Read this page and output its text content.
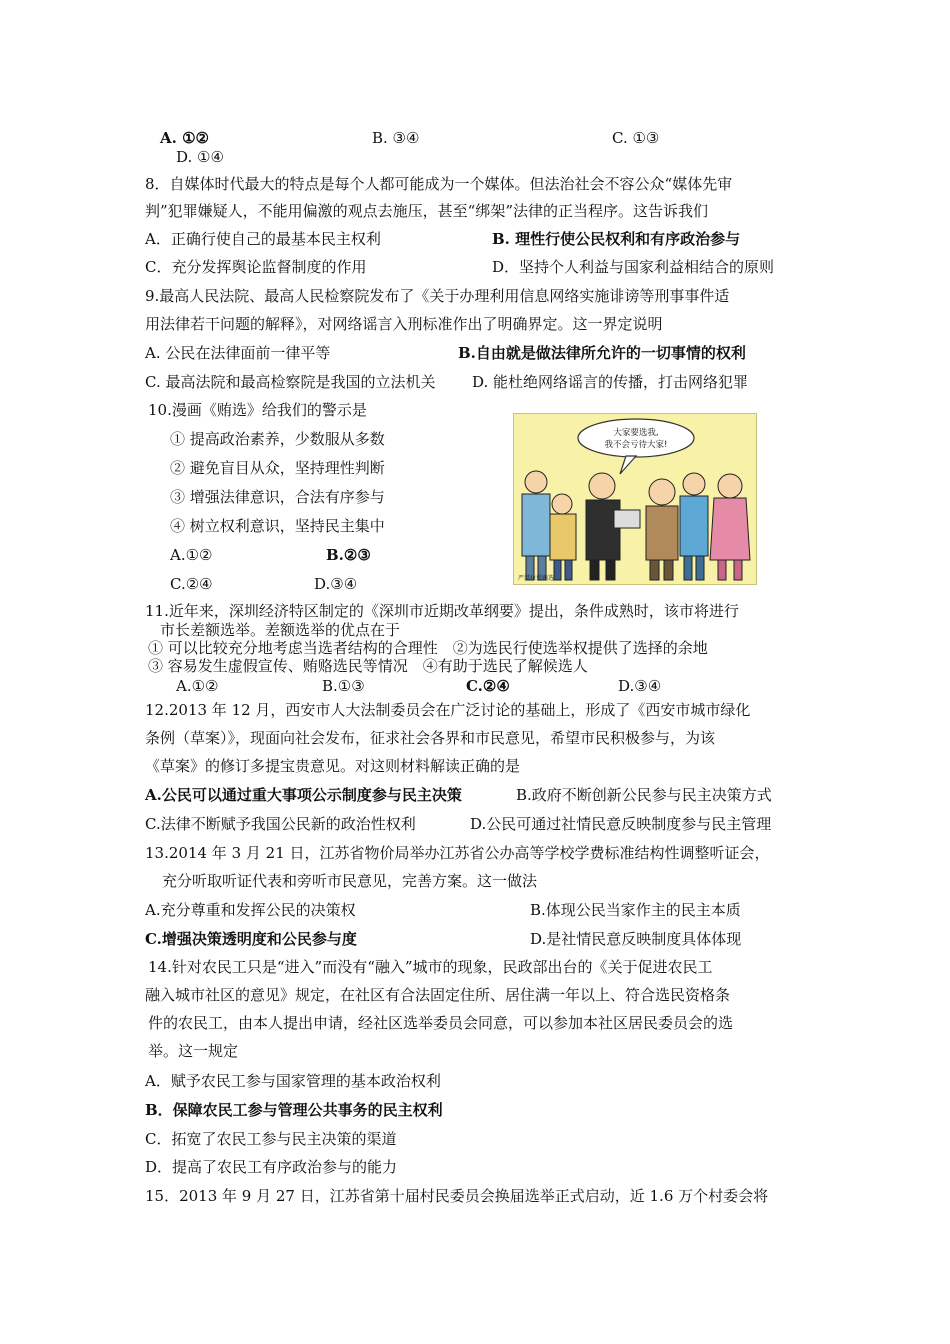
A. ①②	B. ③④	C. ①③
D. ①④
8．自媒体时代最大的特点是每个人都可能成为一个媒体。但法治社会不容公众“媒体先审
判”犯罪嫌疑人，不能用偏激的观点去施压，甚至“绑架”法律的正当程序。这告诉我们
A．正确行使自己的最基本民主权利	B. 理性行使公民权利和有序政治参与
C．充分发挥舆论监督制度的作用	D．坚持个人利益与国家利益相结合的原则
9.最高人民法院、最高人民检察院发布了《关于办理利用信息网络实施诽谤等刑事事件适
用法律若干问题的解释》，对网络谣言入刑标准作出了明确界定。这一界定说明
A. 公民在法律面前一律平等	B.自由就是做法律所允许的一切事情的权利
C. 最高法院和最高检察院是我国的立法机关 D. 能杜绝网络谣言的传播，打击网络犯罪
10.漫画《贿选》给我们的警示是
① 提高政治素养，少数服从多数
② 避免盲目从众，坚持理性判断
③ 增强法律意识，合法有序参与
④ 树立权利意识，坚持民主集中
A.①②	B.②③
C.②④	D.③④
大家要选我,
我不会亏待大家!
严禁拉票贿选
11.近年来，深圳经济特区制定的《深圳市近期改革纲要》提出，条件成熟时，该市将进行
市长差额选举。差额选举的优点在于
① 可以比较充分地考虑当选者结构的合理性　②为选民行使选举权提供了选择的余地
③ 容易发生虚假宣传、贿赂选民等情况　④有助于选民了解候选人
A.①②	B.①③	C.②④	D.③④
12.2013 年 12 月，西安市人大法制委员会在广泛讨论的基础上，形成了《西安市城市绿化
条例（草案）》，现面向社会发布，征求社会各界和市民意见，希望市民积极参与，为该
《草案》的修订多提宝贵意见。对这则材料解读正确的是
A.公民可以通过重大事项公示制度参与民主决策	B.政府不断创新公民参与民主决策方式
C.法律不断赋予我国公民新的政治性权利	D.公民可通过社情民意反映制度参与民主管理
13.2014 年 3 月 21 日，江苏省物价局举办江苏省公办高等学校学费标准结构性调整听证会，
充分听取听证代表和旁听市民意见，完善方案。这一做法
A.充分尊重和发挥公民的决策权	B.体现公民当家作主的民主本质
C.增强决策透明度和公民参与度	D.是社情民意反映制度具体体现
14.针对农民工只是“进入”而没有“融入”城市的现象，民政部出台的《关于促进农民工
融入城市社区的意见》规定，在社区有合法固定住所、居住满一年以上、符合选民资格条
件的农民工，由本人提出申请，经社区选举委员会同意，可以参加本社区居民委员会的选
举。这一规定
A．赋予农民工参与国家管理的基本政治权利
B．保障农民工参与管理公共事务的民主权利
C．拓宽了农民工参与民主决策的渠道
D．提高了农民工有序政治参与的能力
15．2013 年 9 月 27 日，江苏省第十届村民委员会换届选举正式启动，近 1.6 万个村委会将
